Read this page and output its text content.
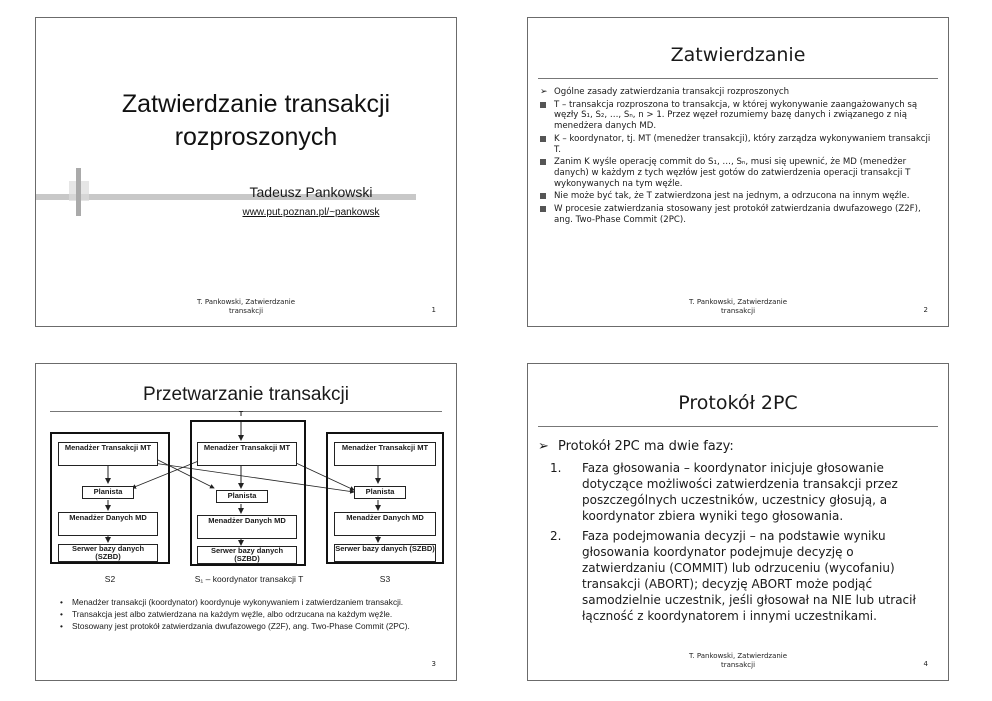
Zatwierdzanie transakcji
rozproszonych
Tadeusz Pankowski
www.put.poznan.pl/~pankowsk
T. Pankowski, Zatwierdzanie
transakcji	1
Zatwierdzanie
➢ Ogólne zasady zatwierdzania transakcji rozproszonych
T – transakcja rozproszona to transakcja, w której wykonywanie zaangażowanych są węzły S₁, S₂, …, Sₙ, n > 1. Przez węzeł rozumiemy bazę danych i związanego z nią menedżera danych MD.
K – koordynator, tj. MT (menedżer transakcji), który zarządza wykonywaniem transakcji T.
Zanim K wyśle operację commit do S₁, …, Sₙ, musi się upewnić, że MD (menedżer danych) w każdym z tych węzłów jest gotów do zatwierdzenia operacji transakcji T wykonywanych na tym węźle.
Nie może być tak, że T zatwierdzona jest na jednym, a odrzucona na innym węźle.
W procesie zatwierdzania stosowany jest protokół zatwierdzania dwufazowego (Z2F), ang. Two-Phase Commit (2PC).
T. Pankowski, Zatwierdzanie
transakcji	2
Przetwarzanie transakcji
T
Menadżer Transakcji MT
Planista
Menadżer Danych MD
Serwer bazy danych (SZBD)
Menadżer Transakcji MT
Planista
Menadżer Danych MD
Serwer bazy danych (SZBD)
Menadżer Transakcji MT
Planista
Menadżer Danych MD
Serwer bazy danych (SZBD)
S2	S₁ – koordynator transakcji T	S3
• Menadżer transakcji (koordynator) koordynuje wykonywaniem i zatwierdzaniem transakcji.
• Transakcja jest albo zatwierdzana na każdym węźle, albo odrzucana na każdym węźle.
• Stosowany jest protokół zatwierdzania dwufazowego (Z2F), ang. Two-Phase Commit (2PC).
3
Protokół 2PC
➢ Protokół 2PC ma dwie fazy:
1. Faza głosowania – koordynator inicjuje głosowanie dotyczące możliwości zatwierdzenia transakcji przez poszczególnych uczestników, uczestnicy głosują, a koordynator zbiera wyniki tego głosowania.
2. Faza podejmowania decyzji – na podstawie wyniku głosowania koordynator podejmuje decyzję o zatwierdzaniu (COMMIT) lub odrzuceniu (wycofaniu) transakcji (ABORT); decyzję ABORT może podjąć samodzielnie uczestnik, jeśli głosował na NIE lub utracił łączność z koordynatorem i innymi uczestnikami.
T. Pankowski, Zatwierdzanie
transakcji	4
